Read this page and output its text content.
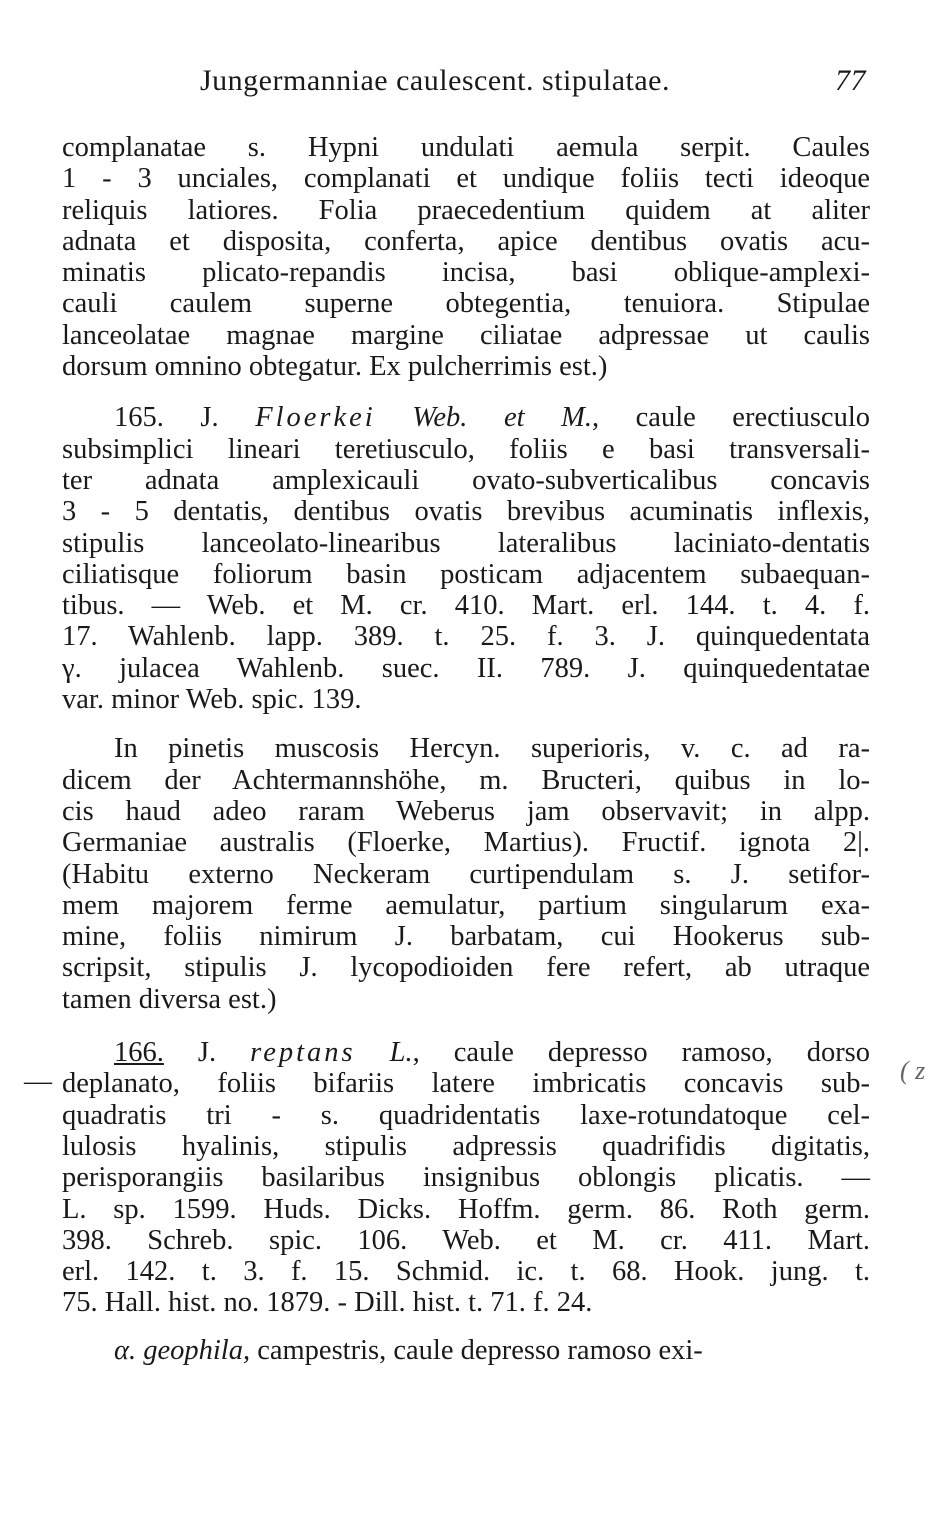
Jungermanniae caulescent. stipulatae.	77
—	( z
complanatae s. Hypni undulati aemula serpit. Caules
1 - 3 unciales, complanati et undique foliis tecti ideoque
reliquis latiores. Folia praecedentium quidem at aliter
adnata et disposita, conferta, apice dentibus ovatis acu-
minatis plicato-repandis incisa, basi oblique-amplexi-
cauli caulem superne obtegentia, tenuiora. Stipulae
lanceolatae magnae margine ciliatae adpressae ut caulis
dorsum omnino obtegatur. Ex pulcherrimis est.)
165. J. Floerkei Web. et M., caule erectiusculo
subsimplici lineari teretiusculo, foliis e basi transversali-
ter adnata amplexicauli ovato-subverticalibus concavis
3 - 5 dentatis, dentibus ovatis brevibus acuminatis inflexis,
stipulis lanceolato-linearibus lateralibus laciniato-dentatis
ciliatisque foliorum basin posticam adjacentem subaequan-
tibus. — Web. et M. cr. 410. Mart. erl. 144. t. 4. f.
17. Wahlenb. lapp. 389. t. 25. f. 3. J. quinquedentata
γ. julacea Wahlenb. suec. II. 789. J. quinquedentatae
var. minor Web. spic. 139.
In pinetis muscosis Hercyn. superioris, v. c. ad ra-
dicem der Achtermannshöhe, m. Bructeri, quibus in lo-
cis haud adeo raram Weberus jam observavit; in alpp.
Germaniae australis (Floerke, Martius). Fructif. ignota 2|.
(Habitu externo Neckeram curtipendulam s. J. setifor-
mem majorem ferme aemulatur, partium singularum exa-
mine, foliis nimirum J. barbatam, cui Hookerus sub-
scripsit, stipulis J. lycopodioiden fere refert, ab utraque
tamen diversa est.)
166. J. reptans L., caule depresso ramoso, dorso
deplanato, foliis bifariis latere imbricatis concavis sub-
quadratis tri - s. quadridentatis laxe-rotundatoque cel-
lulosis hyalinis, stipulis adpressis quadrifidis digitatis,
perisporangiis basilaribus insignibus oblongis plicatis. —
L. sp. 1599. Huds. Dicks. Hoffm. germ. 86. Roth germ.
398. Schreb. spic. 106. Web. et M. cr. 411. Mart.
erl. 142. t. 3. f. 15. Schmid. ic. t. 68. Hook. jung. t.
75. Hall. hist. no. 1879. - Dill. hist. t. 71. f. 24.
α. geophila, campestris, caule depresso ramoso exi-
